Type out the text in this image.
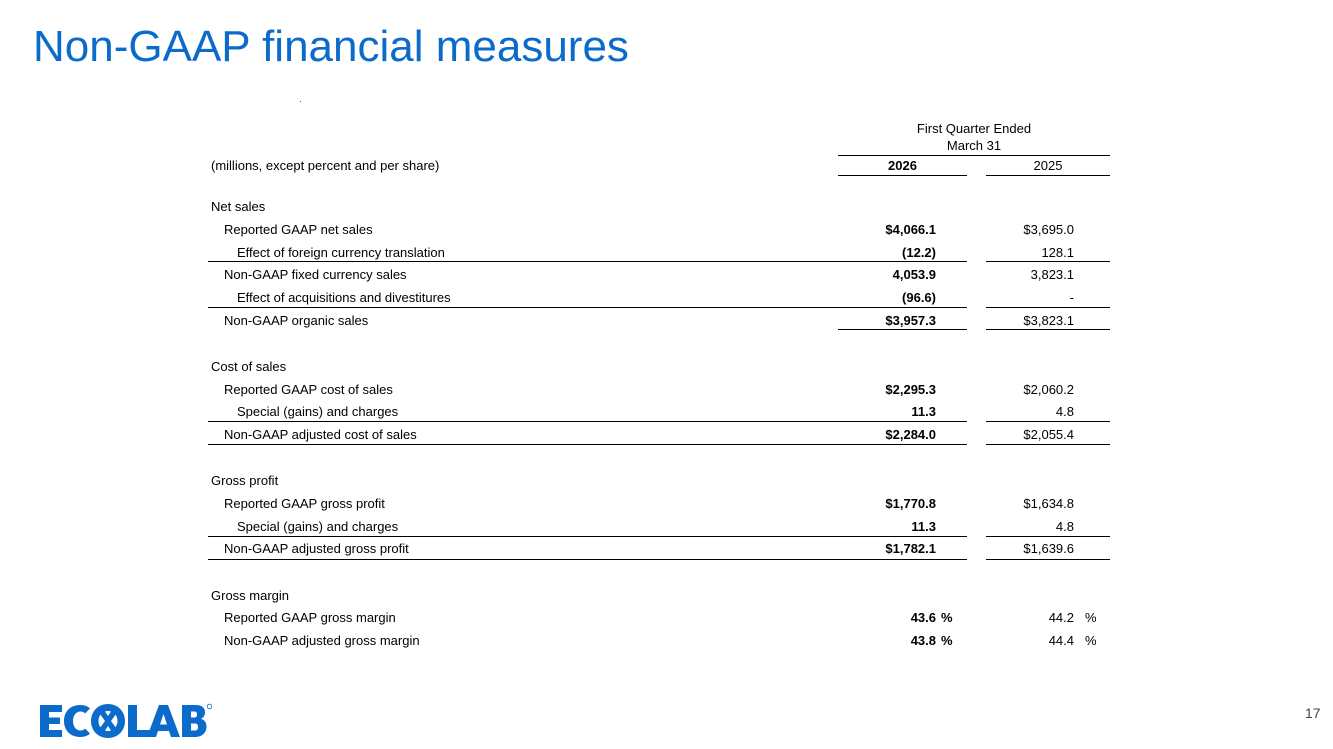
Non-GAAP financial measures
First Quarter Ended
March 31
(millions, except percent and per share)	2026	2025
Net sales
Reported GAAP net sales	$4,066.1	$3,695.0
Effect of foreign currency translation	(12.2)	128.1
Non-GAAP fixed currency sales	4,053.9	3,823.1
Effect of acquisitions and divestitures	(96.6)	-
Non-GAAP organic sales	$3,957.3	$3,823.1
Cost of sales
Reported GAAP cost of sales	$2,295.3	$2,060.2
Special (gains) and charges	11.3	4.8
Non-GAAP adjusted cost of sales	$2,284.0	$2,055.4
Gross profit
Reported GAAP gross profit	$1,770.8	$1,634.8
Special (gains) and charges	11.3	4.8
Non-GAAP adjusted gross profit	$1,782.1	$1,639.6
Gross margin
Reported GAAP gross margin	43.6 %	44.2 %
Non-GAAP adjusted gross margin	43.8 %	44.4 %
17
